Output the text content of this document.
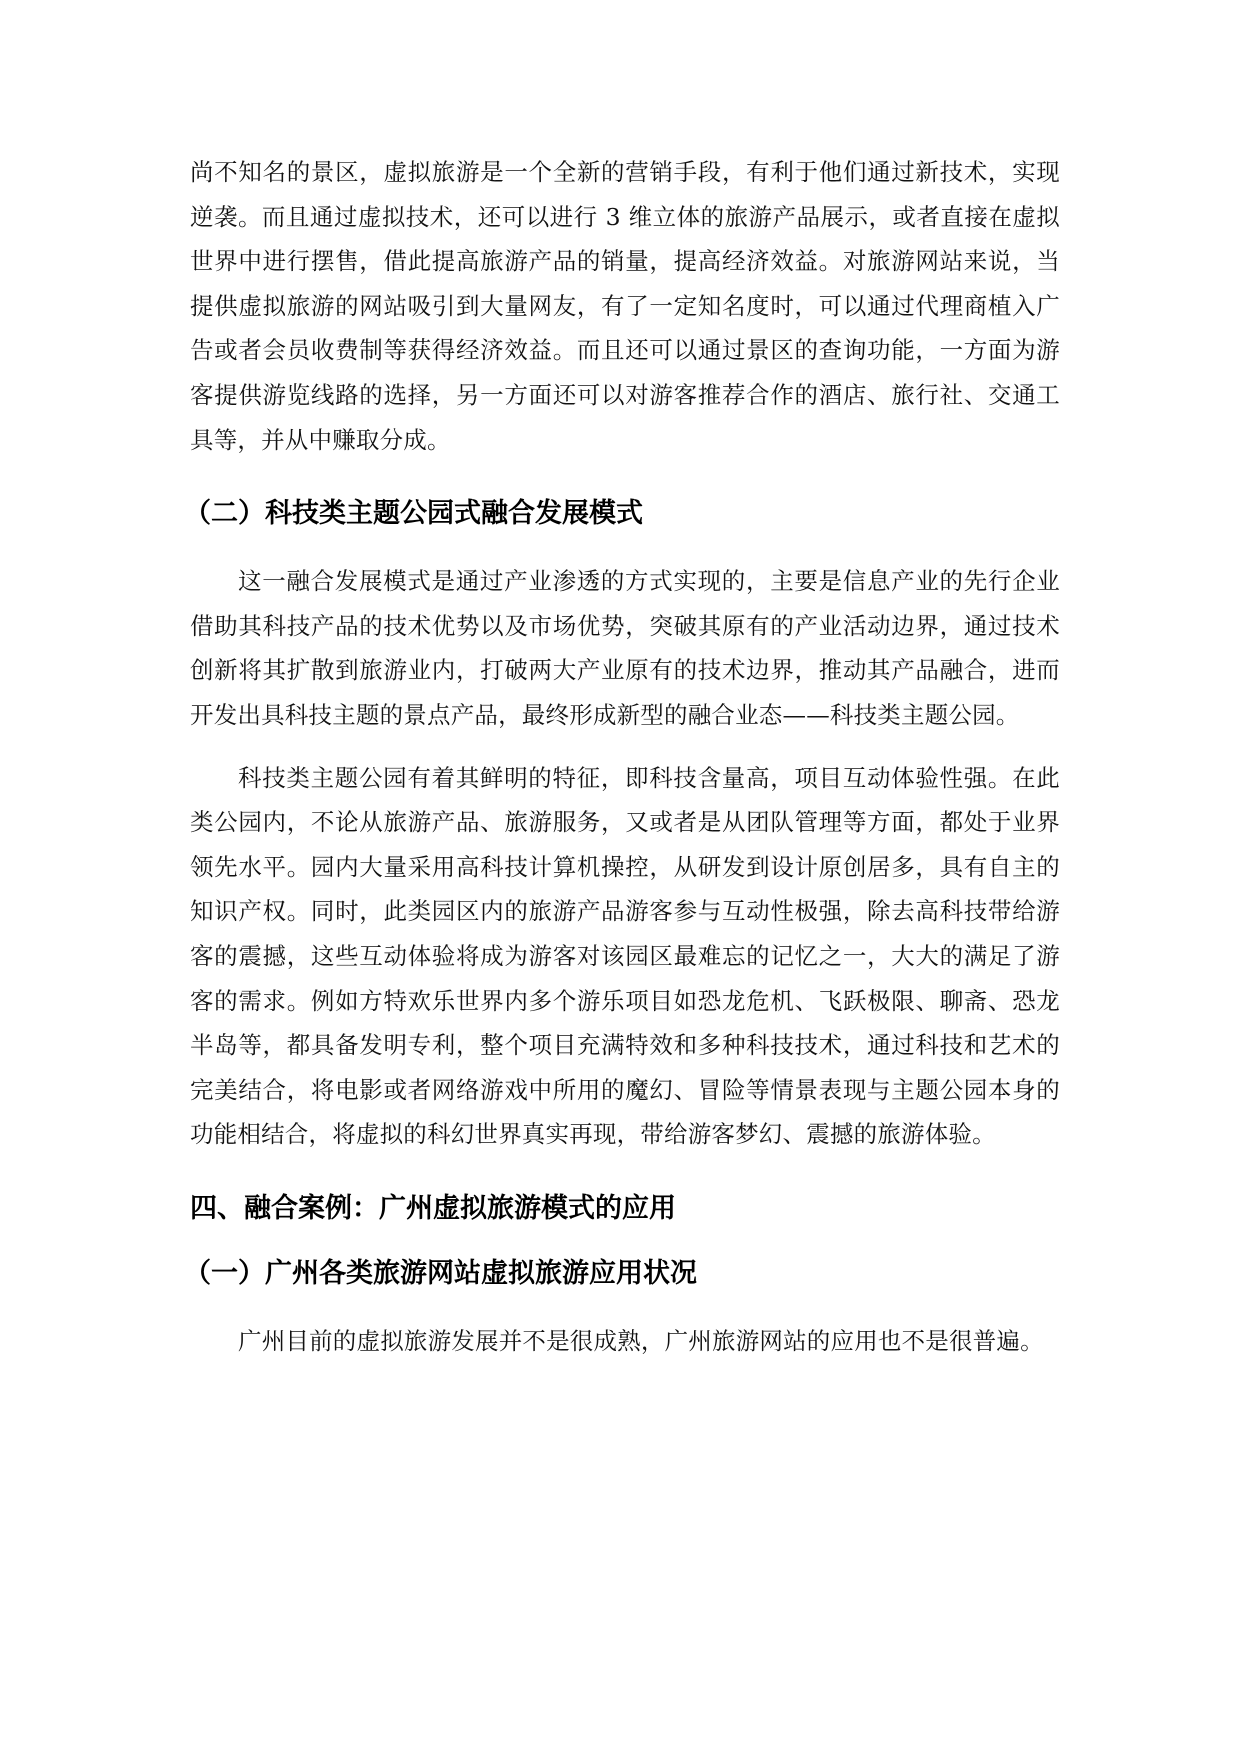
尚不知名的景区，虚拟旅游是一个全新的营销手段，有利于他们通过新技术，实现逆袭。而且通过虚拟技术，还可以进行 3 维立体的旅游产品展示，或者直接在虚拟世界中进行摆售，借此提高旅游产品的销量，提高经济效益。对旅游网站来说，当提供虚拟旅游的网站吸引到大量网友，有了一定知名度时，可以通过代理商植入广告或者会员收费制等获得经济效益。而且还可以通过景区的查询功能，一方面为游客提供游览线路的选择，另一方面还可以对游客推荐合作的酒店、旅行社、交通工具等，并从中赚取分成。

（二）科技类主题公园式融合发展模式

这一融合发展模式是通过产业渗透的方式实现的，主要是信息产业的先行企业借助其科技产品的技术优势以及市场优势，突破其原有的产业活动边界，通过技术创新将其扩散到旅游业内，打破两大产业原有的技术边界，推动其产品融合，进而开发出具科技主题的景点产品，最终形成新型的融合业态——科技类主题公园。

科技类主题公园有着其鲜明的特征，即科技含量高，项目互动体验性强。在此类公园内，不论从旅游产品、旅游服务，又或者是从团队管理等方面，都处于业界领先水平。园内大量采用高科技计算机操控，从研发到设计原创居多，具有自主的知识产权。同时，此类园区内的旅游产品游客参与互动性极强，除去高科技带给游客的震撼，这些互动体验将成为游客对该园区最难忘的记忆之一，大大的满足了游客的需求。例如方特欢乐世界内多个游乐项目如恐龙危机、飞跃极限、聊斋、恐龙半岛等，都具备发明专利，整个项目充满特效和多种科技技术，通过科技和艺术的完美结合，将电影或者网络游戏中所用的魔幻、冒险等情景表现与主题公园本身的功能相结合，将虚拟的科幻世界真实再现，带给游客梦幻、震撼的旅游体验。

四、融合案例：广州虚拟旅游模式的应用
（一）广州各类旅游网站虚拟旅游应用状况

广州目前的虚拟旅游发展并不是很成熟，广州旅游网站的应用也不是很普遍。
